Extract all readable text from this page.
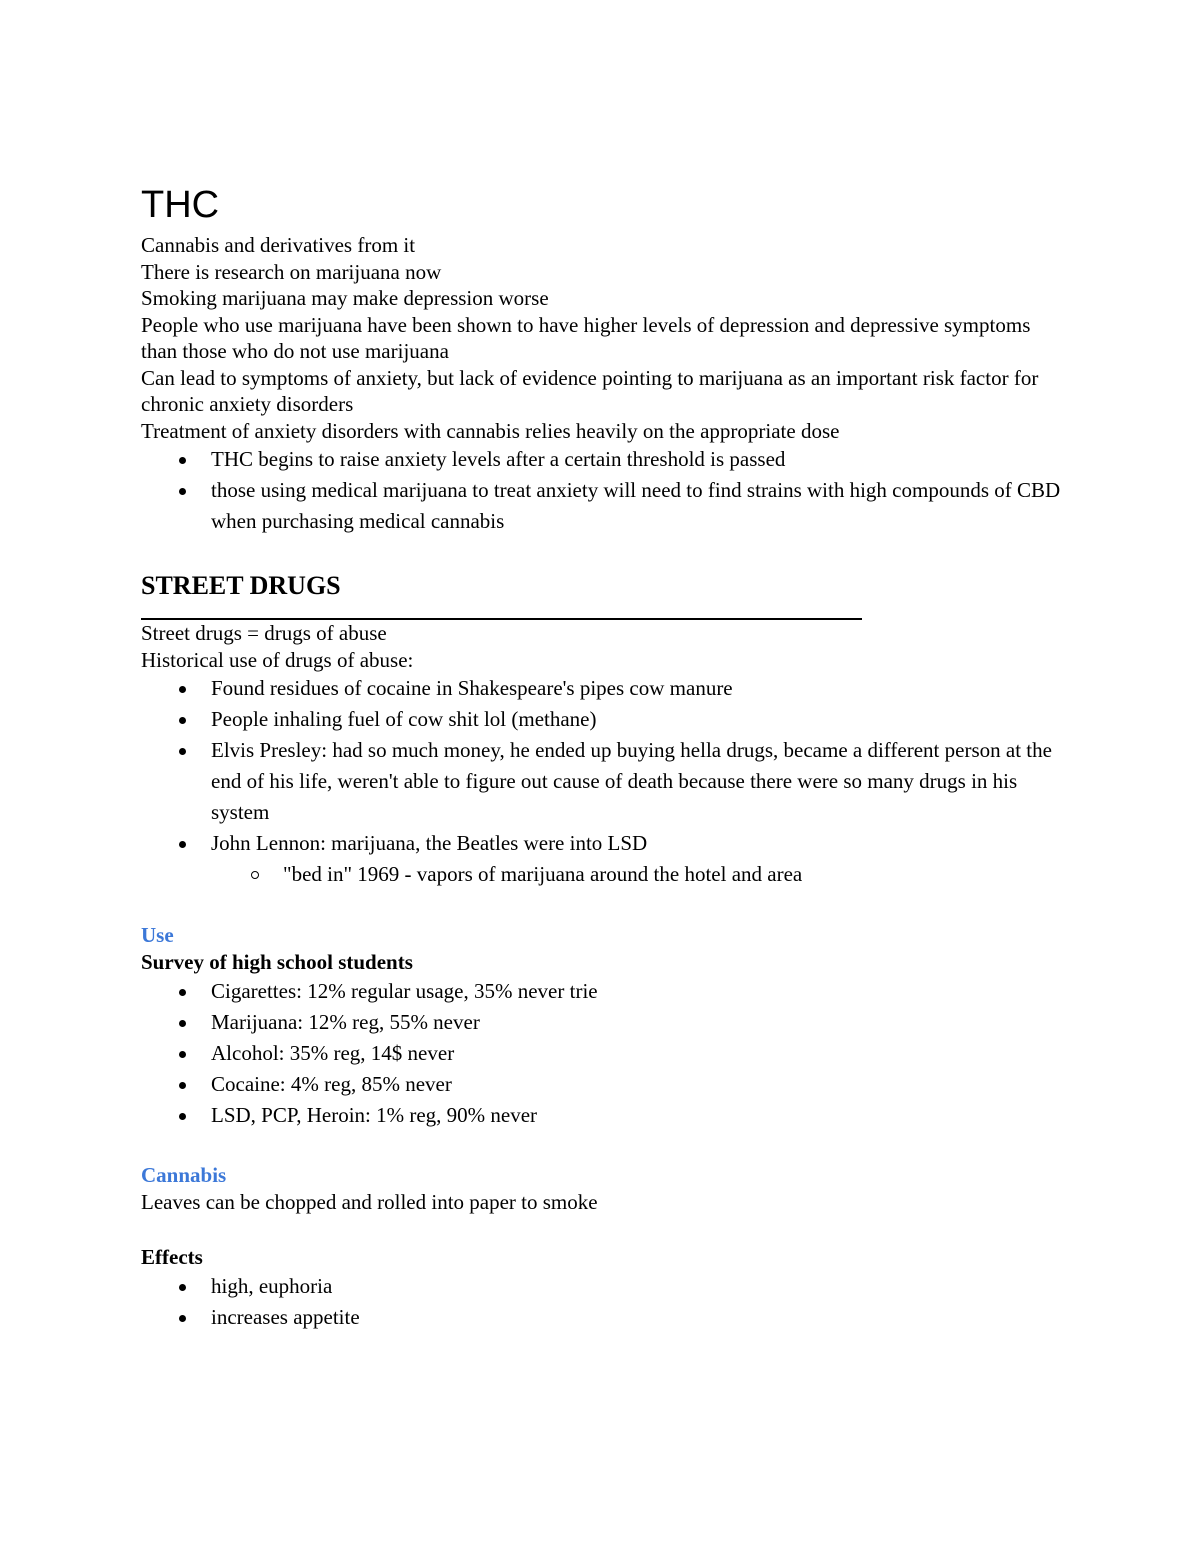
THC

Cannabis and derivatives from it

There is research on marijuana now

Smoking marijuana may make depression worse

People who use marijuana have been shown to have higher levels of depression and depressive symptoms than those who do not use marijuana

Can lead to symptoms of anxiety, but lack of evidence pointing to marijuana as an important risk factor for chronic anxiety disorders

Treatment of anxiety disorders with cannabis relies heavily on the appropriate dose

THC begins to raise anxiety levels after a certain threshold is passed
those using medical marijuana to treat anxiety will need to find strains with high compounds of CBD when purchasing medical cannabis
STREET DRUGS

Street drugs = drugs of abuse

Historical use of drugs of abuse:

Found residues of cocaine in Shakespeare's pipes cow manure
People inhaling fuel of cow shit lol (methane)
Elvis Presley: had so much money, he ended up buying hella drugs, became a different person at the end of his life, weren't able to figure out cause of death because there were so many drugs in his system
John Lennon: marijuana, the Beatles were into LSD
"bed in" 1969 - vapors of marijuana around the hotel and area
Use
Survey of high school students
Cigarettes: 12% regular usage, 35% never trie
Marijuana: 12% reg, 55% never
Alcohol: 35% reg, 14$ never
Cocaine: 4% reg, 85% never
LSD, PCP, Heroin: 1% reg, 90% never
Cannabis

Leaves can be chopped and rolled into paper to smoke

Effects
high, euphoria
increases appetite
